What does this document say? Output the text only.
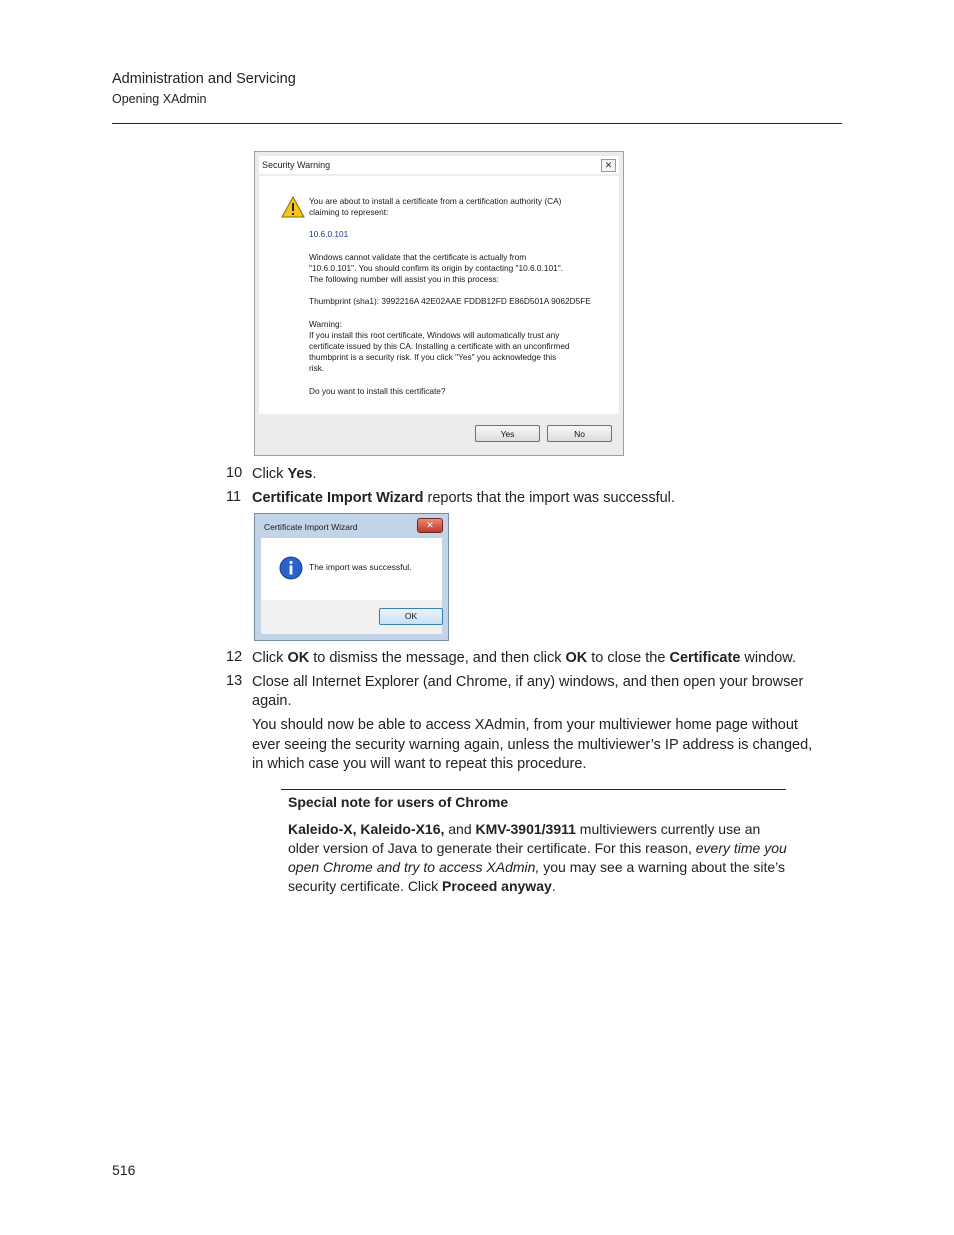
Administration and Servicing
Opening XAdmin
Security Warning	✕
You are about to install a certificate from a certification authority (CA)
claiming to represent:
10.6.0.101
Windows cannot validate that the certificate is actually from
"10.6.0.101". You should confirm its origin by contacting "10.6.0.101".
The following number will assist you in this process:
Thumbprint (sha1): 3992216A 42E02AAE FDDB12FD E86D501A 9062D5FE
Warning:
If you install this root certificate, Windows will automatically trust any
certificate issued by this CA. Installing a certificate with an unconfirmed
thumbprint is a security risk. If you click "Yes" you acknowledge this
risk.
Do you want to install this certificate?
Yes	No
10 Click Yes.
11 Certificate Import Wizard reports that the import was successful.
Certificate Import Wizard	✕
The import was successful.
OK
12 Click OK to dismiss the message, and then click OK to close the Certificate window.
13 Close all Internet Explorer (and Chrome, if any) windows, and then open your browser
again.
You should now be able to access XAdmin, from your multiviewer home page without
ever seeing the security warning again, unless the multiviewer’s IP address is changed,
in which case you will want to repeat this procedure.
Special note for users of Chrome
Kaleido-X, Kaleido-X16, and KMV-3901/3911 multiviewers currently use an older version of Java to generate their certificate. For this reason, every time you open Chrome and try to access XAdmin, you may see a warning about the site’s security certificate. Click Proceed anyway.
516
